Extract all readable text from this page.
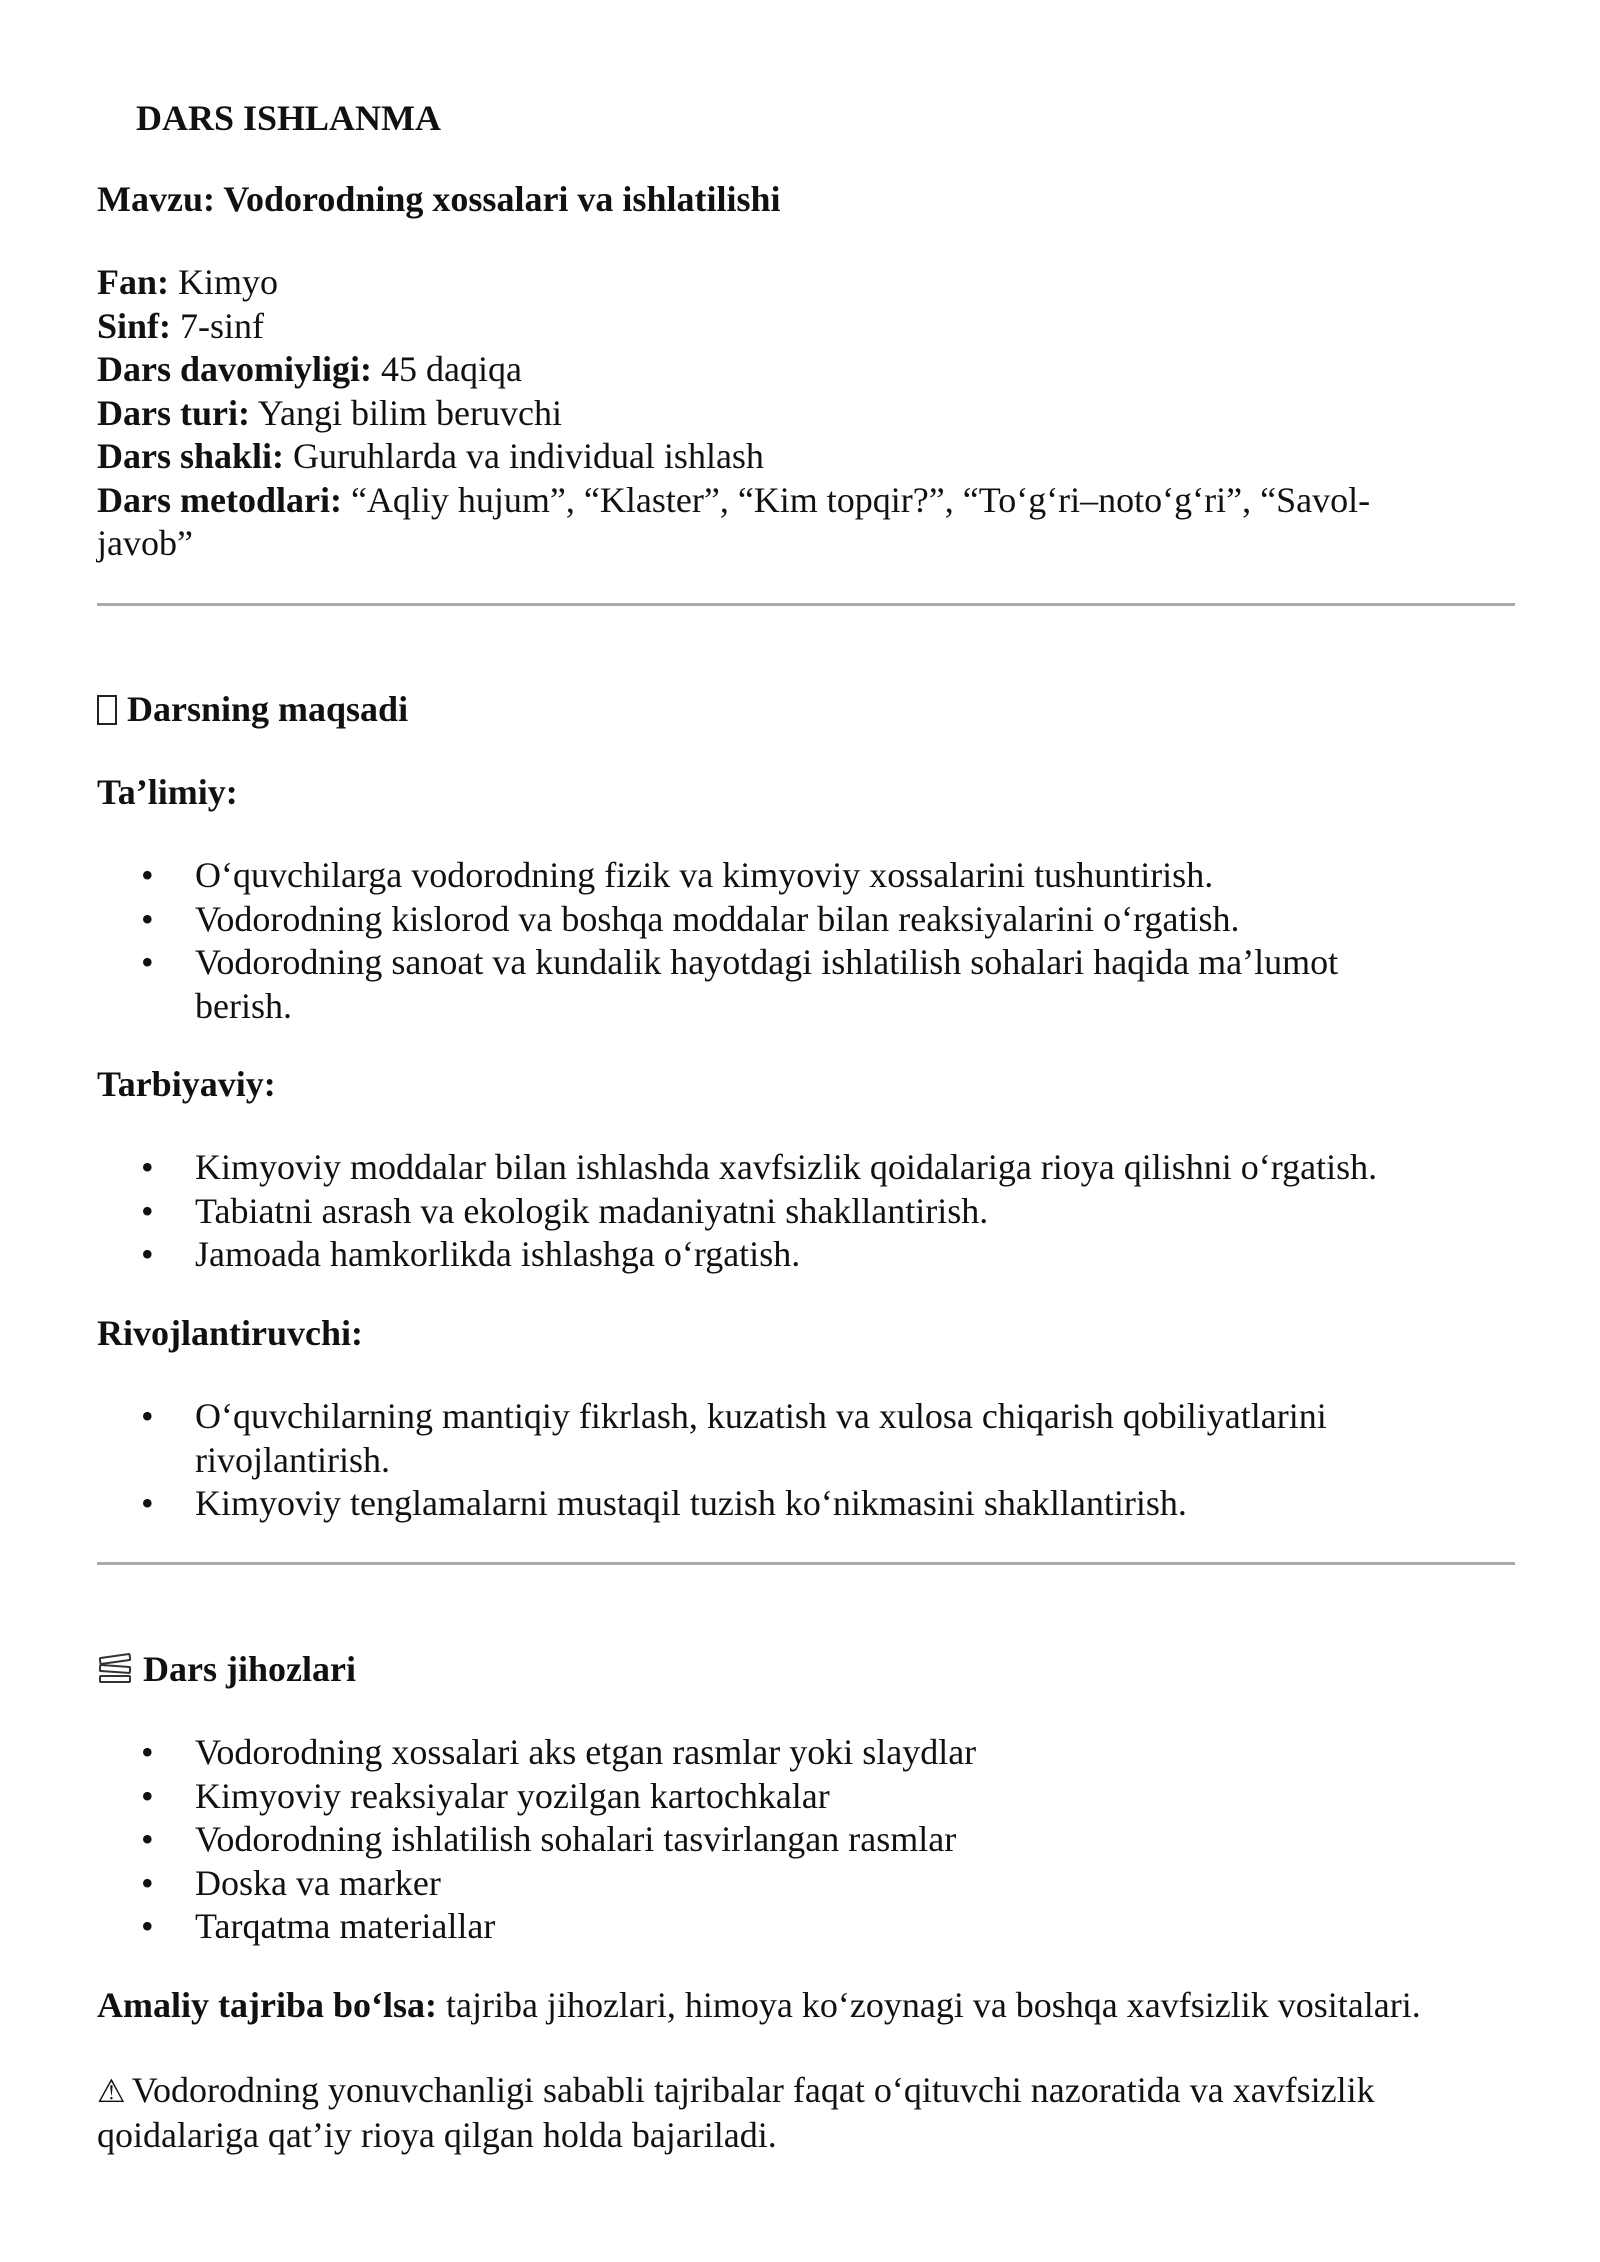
DARS ISHLANMA
Mavzu: Vodorodning xossalari va ishlatilishi
Fan: Kimyo
Sinf: 7-sinf
Dars davomiyligi: 45 daqiqa
Dars turi: Yangi bilim beruvchi
Dars shakli: Guruhlarda va individual ishlash
Dars metodlari: “Aqliy hujum”, “Klaster”, “Kim topqir?”, “To‘g‘ri–noto‘g‘ri”, “Savol-
javob”
Darsning maqsadi
Ta’limiy:
• O‘quvchilarga vodorodning fizik va kimyoviy xossalarini tushuntirish.
• Vodorodning kislorod va boshqa moddalar bilan reaksiyalarini o‘rgatish.
• Vodorodning sanoat va kundalik hayotdagi ishlatilish sohalari haqida ma’lumot
berish.
Tarbiyaviy:
• Kimyoviy moddalar bilan ishlashda xavfsizlik qoidalariga rioya qilishni o‘rgatish.
• Tabiatni asrash va ekologik madaniyatni shakllantirish.
• Jamoada hamkorlikda ishlashga o‘rgatish.
Rivojlantiruvchi:
• O‘quvchilarning mantiqiy fikrlash, kuzatish va xulosa chiqarish qobiliyatlarini
rivojlantirish.
• Kimyoviy tenglamalarni mustaqil tuzish ko‘nikmasini shakllantirish.
Dars jihozlari
• Vodorodning xossalari aks etgan rasmlar yoki slaydlar
• Kimyoviy reaksiyalar yozilgan kartochkalar
• Vodorodning ishlatilish sohalari tasvirlangan rasmlar
• Doska va marker
• Tarqatma materiallar

Amaliy tajriba bo‘lsa: tajriba jihozlari, himoya ko‘zoynagi va boshqa xavfsizlik vositalari.

⚠ Vodorodning yonuvchanligi sababli tajribalar faqat o‘qituvchi nazoratida va xavfsizlik
qoidalariga qat’iy rioya qilgan holda bajariladi.
